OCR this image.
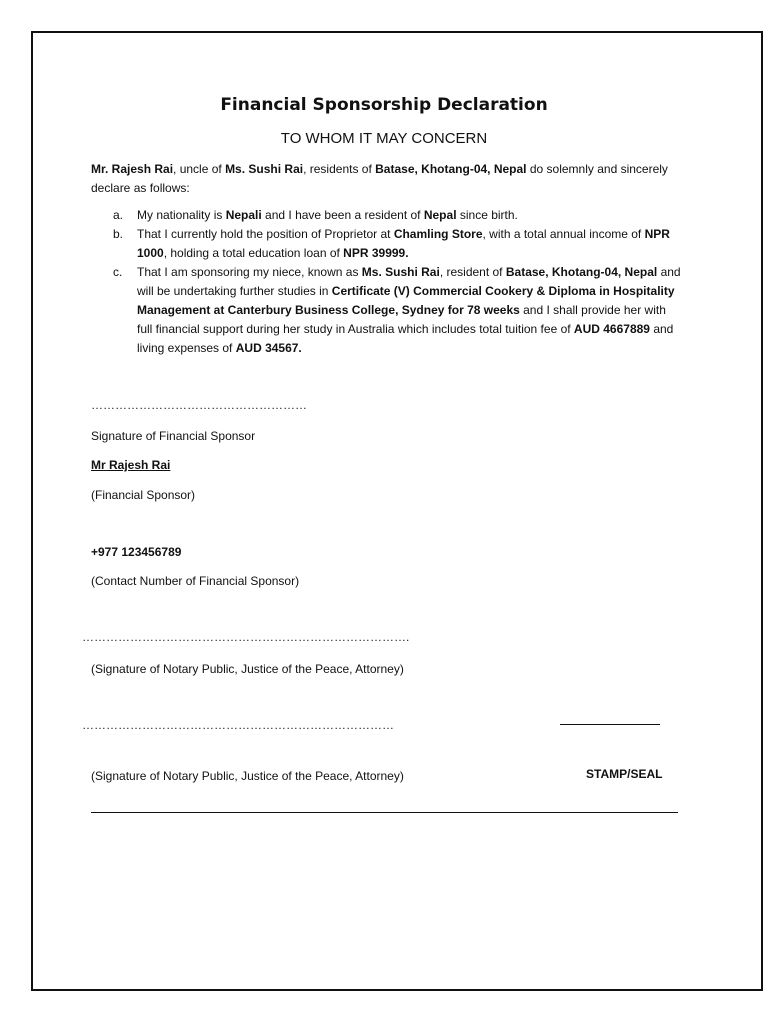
Financial Sponsorship Declaration
TO WHOM IT MAY CONCERN
Mr. Rajesh Rai, uncle of Ms. Sushi Rai, residents of Batase, Khotang-04, Nepal do solemnly and sincerely declare as follows:
a. My nationality is Nepali and I have been a resident of Nepal since birth.
b. That I currently hold the position of Proprietor at Chamling Store, with a total annual income of NPR 1000, holding a total education loan of NPR 39999.
c. That I am sponsoring my niece, known as Ms. Sushi Rai, resident of Batase, Khotang-04, Nepal and will be undertaking further studies in Certificate (V) Commercial Cookery & Diploma in Hospitality Management at Canterbury Business College, Sydney for 78 weeks and I shall provide her with full financial support during her study in Australia which includes total tuition fee of AUD 4667889 and living expenses of AUD 34567.
………………………………………………
Signature of Financial Sponsor
Mr Rajesh Rai
(Financial Sponsor)
+977 123456789
(Contact Number of Financial Sponsor)
……………………………………………………………………….
(Signature of Notary Public, Justice of the Peace, Attorney)
……………………………………………………………………
(Signature of Notary Public, Justice of the Peace, Attorney)	STAMP/SEAL
